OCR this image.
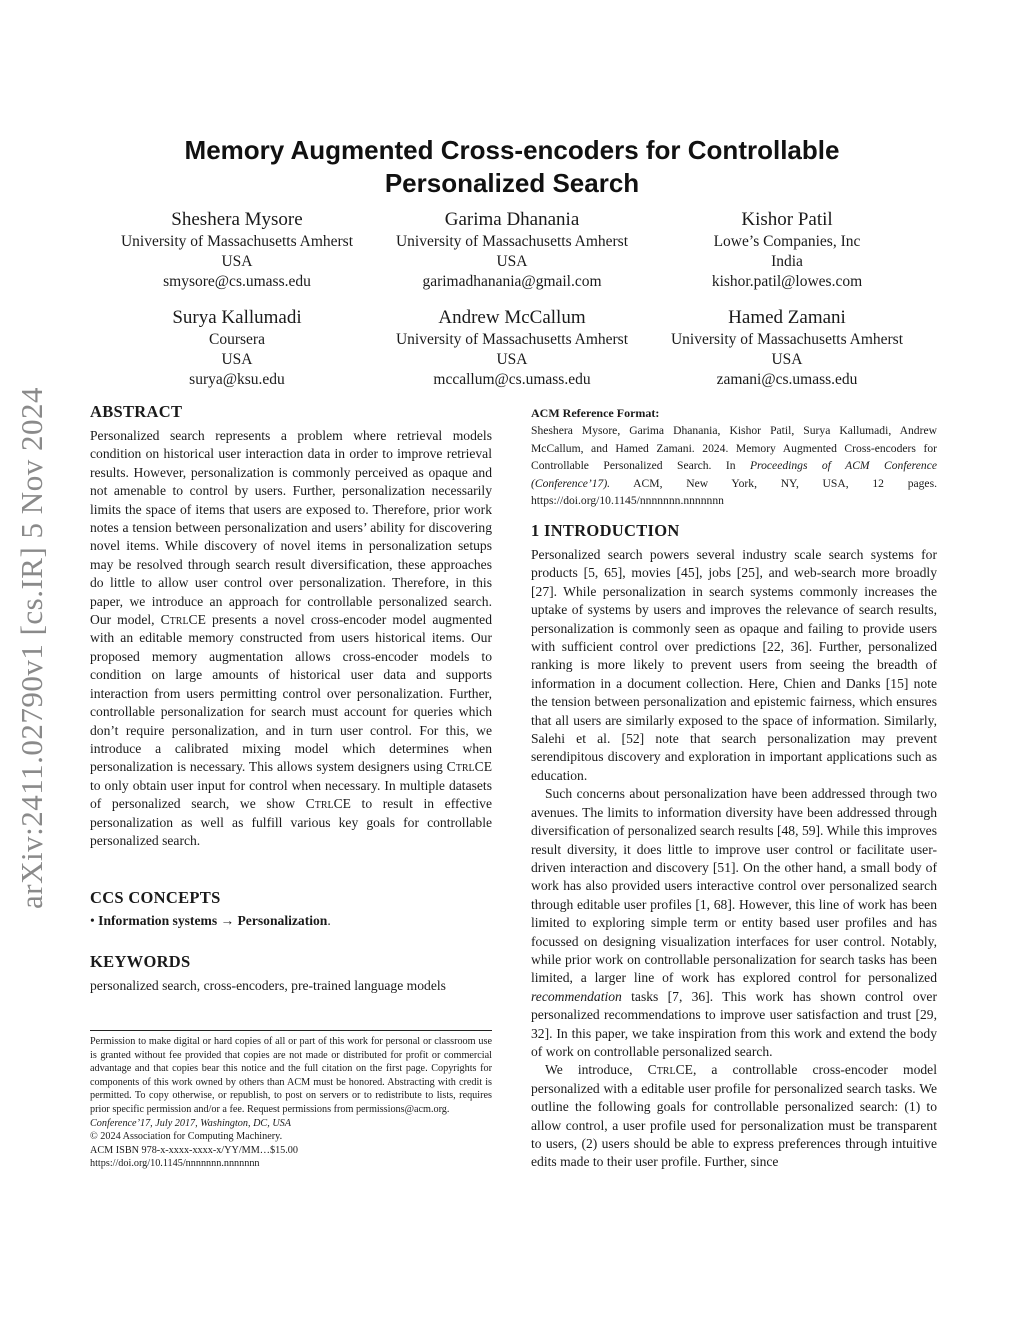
arXiv:2411.02790v1 [cs.IR] 5 Nov 2024
Memory Augmented Cross-encoders for Controllable
Personalized Search
Sheshera Mysore
University of Massachusetts Amherst
USA
smysore@cs.umass.edu
Garima Dhanania
University of Massachusetts Amherst
USA
garimadhanania@gmail.com
Kishor Patil
Lowe’s Companies, Inc
India
kishor.patil@lowes.com
Surya Kallumadi
Coursera
USA
surya@ksu.edu
Andrew McCallum
University of Massachusetts Amherst
USA
mccallum@cs.umass.edu
Hamed Zamani
University of Massachusetts Amherst
USA
zamani@cs.umass.edu
ABSTRACT

Personalized search represents a problem where retrieval models condition on historical user interaction data in order to improve retrieval results. However, personalization is commonly perceived as opaque and not amenable to control by users. Further, personalization necessarily limits the space of items that users are exposed to. Therefore, prior work notes a tension between personalization and users’ ability for discovering novel items. While discovery of novel items in personalization setups may be resolved through search result diversification, these approaches do little to allow user control over personalization. Therefore, in this paper, we introduce an approach for controllable personalized search. Our model, CtrlCE presents a novel cross-encoder model augmented with an editable memory constructed from users historical items. Our proposed memory augmentation allows cross-encoder models to condition on large amounts of historical user data and supports interaction from users permitting control over personalization. Further, controllable personalization for search must account for queries which don’t require personalization, and in turn user control. For this, we introduce a calibrated mixing model which determines when personalization is necessary. This allows system designers using CtrlCE to only obtain user input for control when necessary. In multiple datasets of personalized search, we show CtrlCE to result in effective personalization as well as fulfill various key goals for controllable personalized search.

CCS CONCEPTS
• Information systems → Personalization.
KEYWORDS
personalized search, cross-encoders, pre-trained language models

Permission to make digital or hard copies of all or part of this work for personal or classroom use is granted without fee provided that copies are not made or distributed for profit or commercial advantage and that copies bear this notice and the full citation on the first page. Copyrights for components of this work owned by others than ACM must be honored. Abstracting with credit is permitted. To copy otherwise, or republish, to post on servers or to redistribute to lists, requires prior specific permission and/or a fee. Request permissions from permissions@acm.org.

Conference’17, July 2017, Washington, DC, USA
© 2024 Association for Computing Machinery.
ACM ISBN 978-x-xxxx-xxxx-x/YY/MM…$15.00
https://doi.org/10.1145/nnnnnnn.nnnnnnn
ACM Reference Format:

Sheshera Mysore, Garima Dhanania, Kishor Patil, Surya Kallumadi, Andrew McCallum, and Hamed Zamani. 2024. Memory Augmented Cross-encoders for Controllable Personalized Search. In Proceedings of ACM Conference (Conference’17). ACM, New York, NY, USA, 12 pages. https://doi.org/10.1145/nnnnnnn.nnnnnnn

1 INTRODUCTION

Personalized search powers several industry scale search systems for products [5, 65], movies [45], jobs [25], and web-search more broadly [27]. While personalization in search systems commonly increases the uptake of systems by users and improves the relevance of search results, personalization is commonly seen as opaque and failing to provide users with sufficient control over predictions [22, 36]. Further, personalized ranking is more likely to prevent users from seeing the breadth of information in a document collection. Here, Chien and Danks [15] note the tension between personalization and epistemic fairness, which ensures that all users are similarly exposed to the space of information. Similarly, Salehi et al. [52] note that search personalization may prevent serendipitous discovery and exploration in important applications such as education.

Such concerns about personalization have been addressed through two avenues. The limits to information diversity have been addressed through diversification of personalized search results [48, 59]. While this improves result diversity, it does little to improve user control or facilitate user-driven interaction and discovery [51]. On the other hand, a small body of work has also provided users interactive control over personalized search through editable user profiles [1, 68]. However, this line of work has been limited to exploring simple term or entity based user profiles and has focussed on designing visualization interfaces for user control. Notably, while prior work on controllable personalization for search tasks has been limited, a larger line of work has explored control for personalized recommendation tasks [7, 36]. This work has shown control over personalized recommendations to improve user satisfaction and trust [29, 32]. In this paper, we take inspiration from this work and extend the body of work on controllable personalized search.

We introduce, CtrlCE, a controllable cross-encoder model personalized with a editable user profile for personalized search tasks. We outline the following goals for controllable personalized search: (1) to allow control, a user profile used for personalization must be transparent to users, (2) users should be able to express preferences through intuitive edits made to their user profile. Further, since
